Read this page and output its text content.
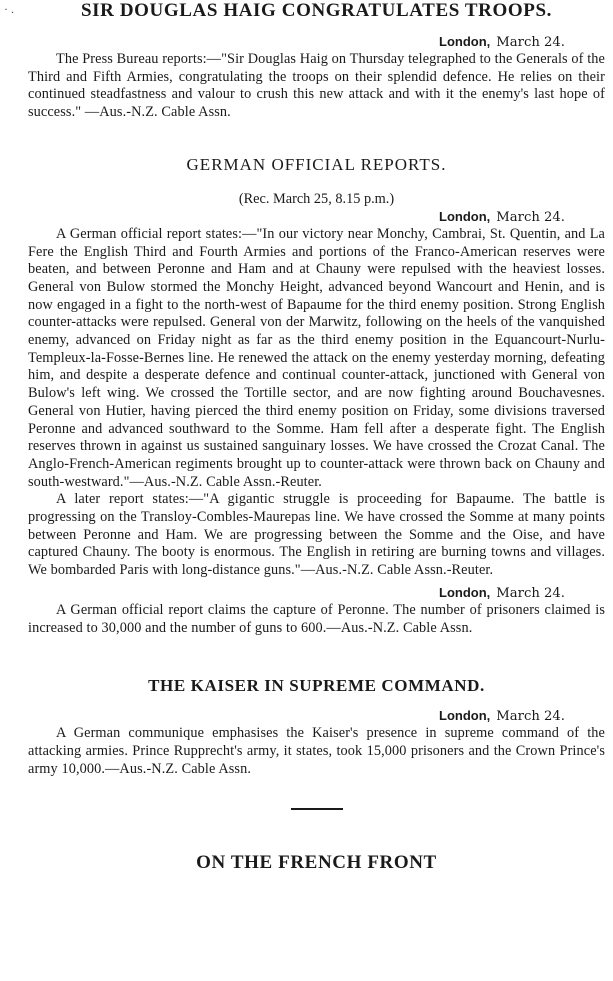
· .	SIR DOUGLAS HAIG CONGRATULATES TROOPS.

London, March 24.

The Press Bureau reports:—"Sir Douglas Haig on Thursday telegraphed to the Generals of the Third and Fifth Armies, congratulating the troops on their splendid defence. He relies on their continued steadfastness and valour to crush this new attack and with it the enemy's last hope of success." —Aus.-N.Z. Cable Assn.

GERMAN OFFICIAL REPORTS.

(Rec. March 25, 8.15 p.m.)

London, March 24.

A German official report states:—"In our victory near Monchy, Cambrai, St. Quentin, and La Fere the English Third and Fourth Armies and portions of the Franco-American reserves were beaten, and between Peronne and Ham and at Chauny were repulsed with the heaviest losses. General von Bulow stormed the Monchy Height, advanced beyond Wancourt and Henin, and is now engaged in a fight to the north-west of Bapaume for the third enemy position. Strong English counter-attacks were repulsed. General von der Marwitz, following on the heels of the vanquished enemy, advanced on Friday night as far as the third enemy position in the Equancourt-Nurlu-Templeux-la-Fosse-Bernes line. He renewed the attack on the enemy yesterday morning, defeating him, and despite a desperate defence and continual counter-attack, junctioned with General von Bulow's left wing. We crossed the Tortille sector, and are now fighting around Bouchavesnes. General von Hutier, having pierced the third enemy position on Friday, some divisions traversed Peronne and advanced southward to the Somme. Ham fell after a desperate fight. The English reserves thrown in against us sustained sanguinary losses. We have crossed the Crozat Canal. The Anglo-French-American regiments brought up to counter-attack were thrown back on Chauny and south-westward."—Aus.-N.Z. Cable Assn.-Reuter.

A later report states:—"A gigantic struggle is proceeding for Bapaume. The battle is progressing on the Transloy-Combles-Maurepas line. We have crossed the Somme at many points between Peronne and Ham. We are progressing between the Somme and the Oise, and have captured Chauny. The booty is enormous. The English in retiring are burning towns and villages. We bombarded Paris with long-distance guns."—Aus.-N.Z. Cable Assn.-Reuter.

London, March 24.

A German official report claims the capture of Peronne. The number of prisoners claimed is increased to 30,000 and the number of guns to 600.—Aus.-N.Z. Cable Assn.

THE KAISER IN SUPREME COMMAND.

London, March 24.

A German communique emphasises the Kaiser's presence in supreme command of the attacking armies. Prince Rupprecht's army, it states, took 15,000 prisoners and the Crown Prince's army 10,000.—Aus.-N.Z. Cable Assn.

ON THE FRENCH FRONT
